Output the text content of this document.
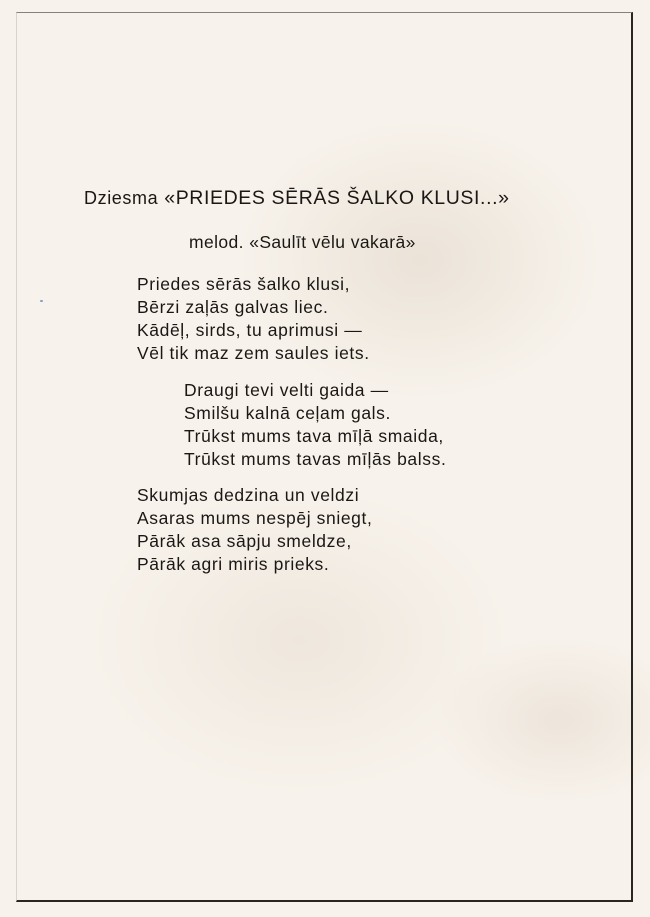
Dziesma «PRIEDES SĒRĀS ŠALKO KLUSI...»
melod. «Saulīt vēlu vakarā»
Priedes sērās šalko klusi,
Bērzi zaļās galvas liec.
Kādēļ, sirds, tu aprimusi —
Vēl tik maz zem saules iets.
Draugi tevi velti gaida —
Smilšu kalnā ceļam gals.
Trūkst mums tava mīļā smaida,
Trūkst mums tavas mīļās balss.
Skumjas dedzina un veldzi
Asaras mums nespēj sniegt,
Pārāk asa sāpju smeldze,
Pārāk agri miris prieks.
